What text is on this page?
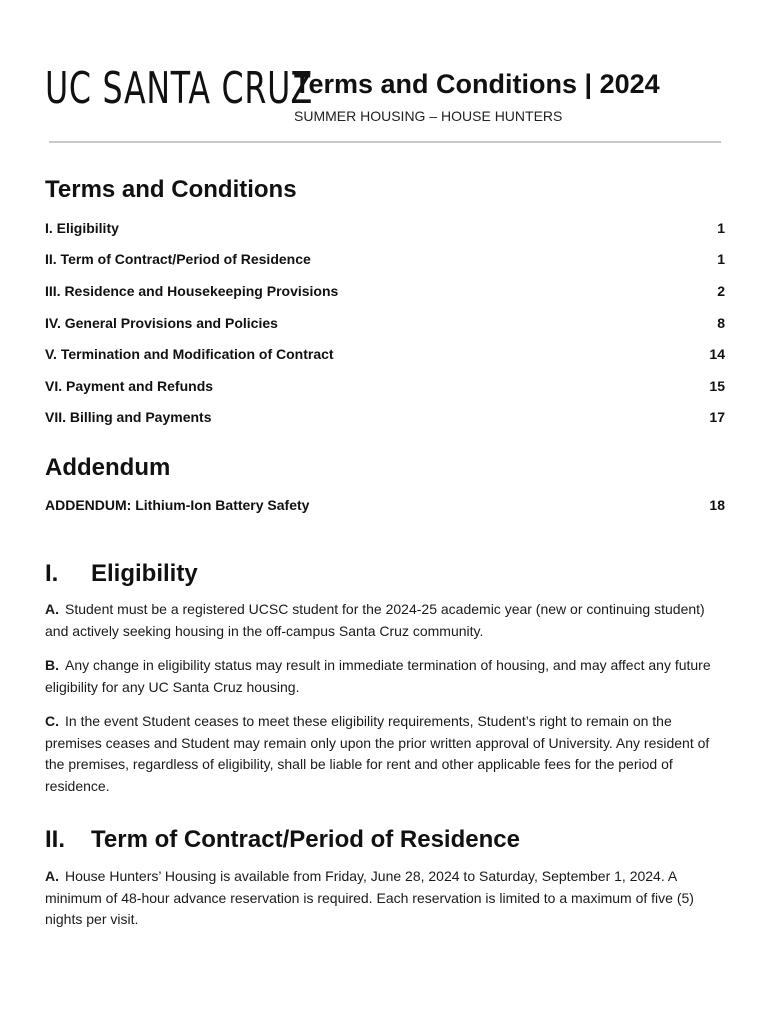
UC SANTA CRUZ
Terms and Conditions | 2024
SUMMER HOUSING – HOUSE HUNTERS
Terms and Conditions
I. Eligibility	1
II. Term of Contract/Period of Residence	1
III. Residence and Housekeeping Provisions	2
IV. General Provisions and Policies	8
V. Termination and Modification of Contract	14
VI. Payment and Refunds	15
VII. Billing and Payments	17
Addendum
ADDENDUM: Lithium-Ion Battery Safety	18
I. Eligibility
A. Student must be a registered UCSC student for the 2024-25 academic year (new or continuing student) and actively seeking housing in the off-campus Santa Cruz community.
B. Any change in eligibility status may result in immediate termination of housing, and may affect any future eligibility for any UC Santa Cruz housing.
C. In the event Student ceases to meet these eligibility requirements, Student’s right to remain on the premises ceases and Student may remain only upon the prior written approval of University. Any resident of the premises, regardless of eligibility, shall be liable for rent and other applicable fees for the period of residence.
II. Term of Contract/Period of Residence
A. House Hunters’ Housing is available from Friday, June 28, 2024 to Saturday, September 1, 2024. A minimum of 48-hour advance reservation is required. Each reservation is limited to a maximum of five (5) nights per visit.
